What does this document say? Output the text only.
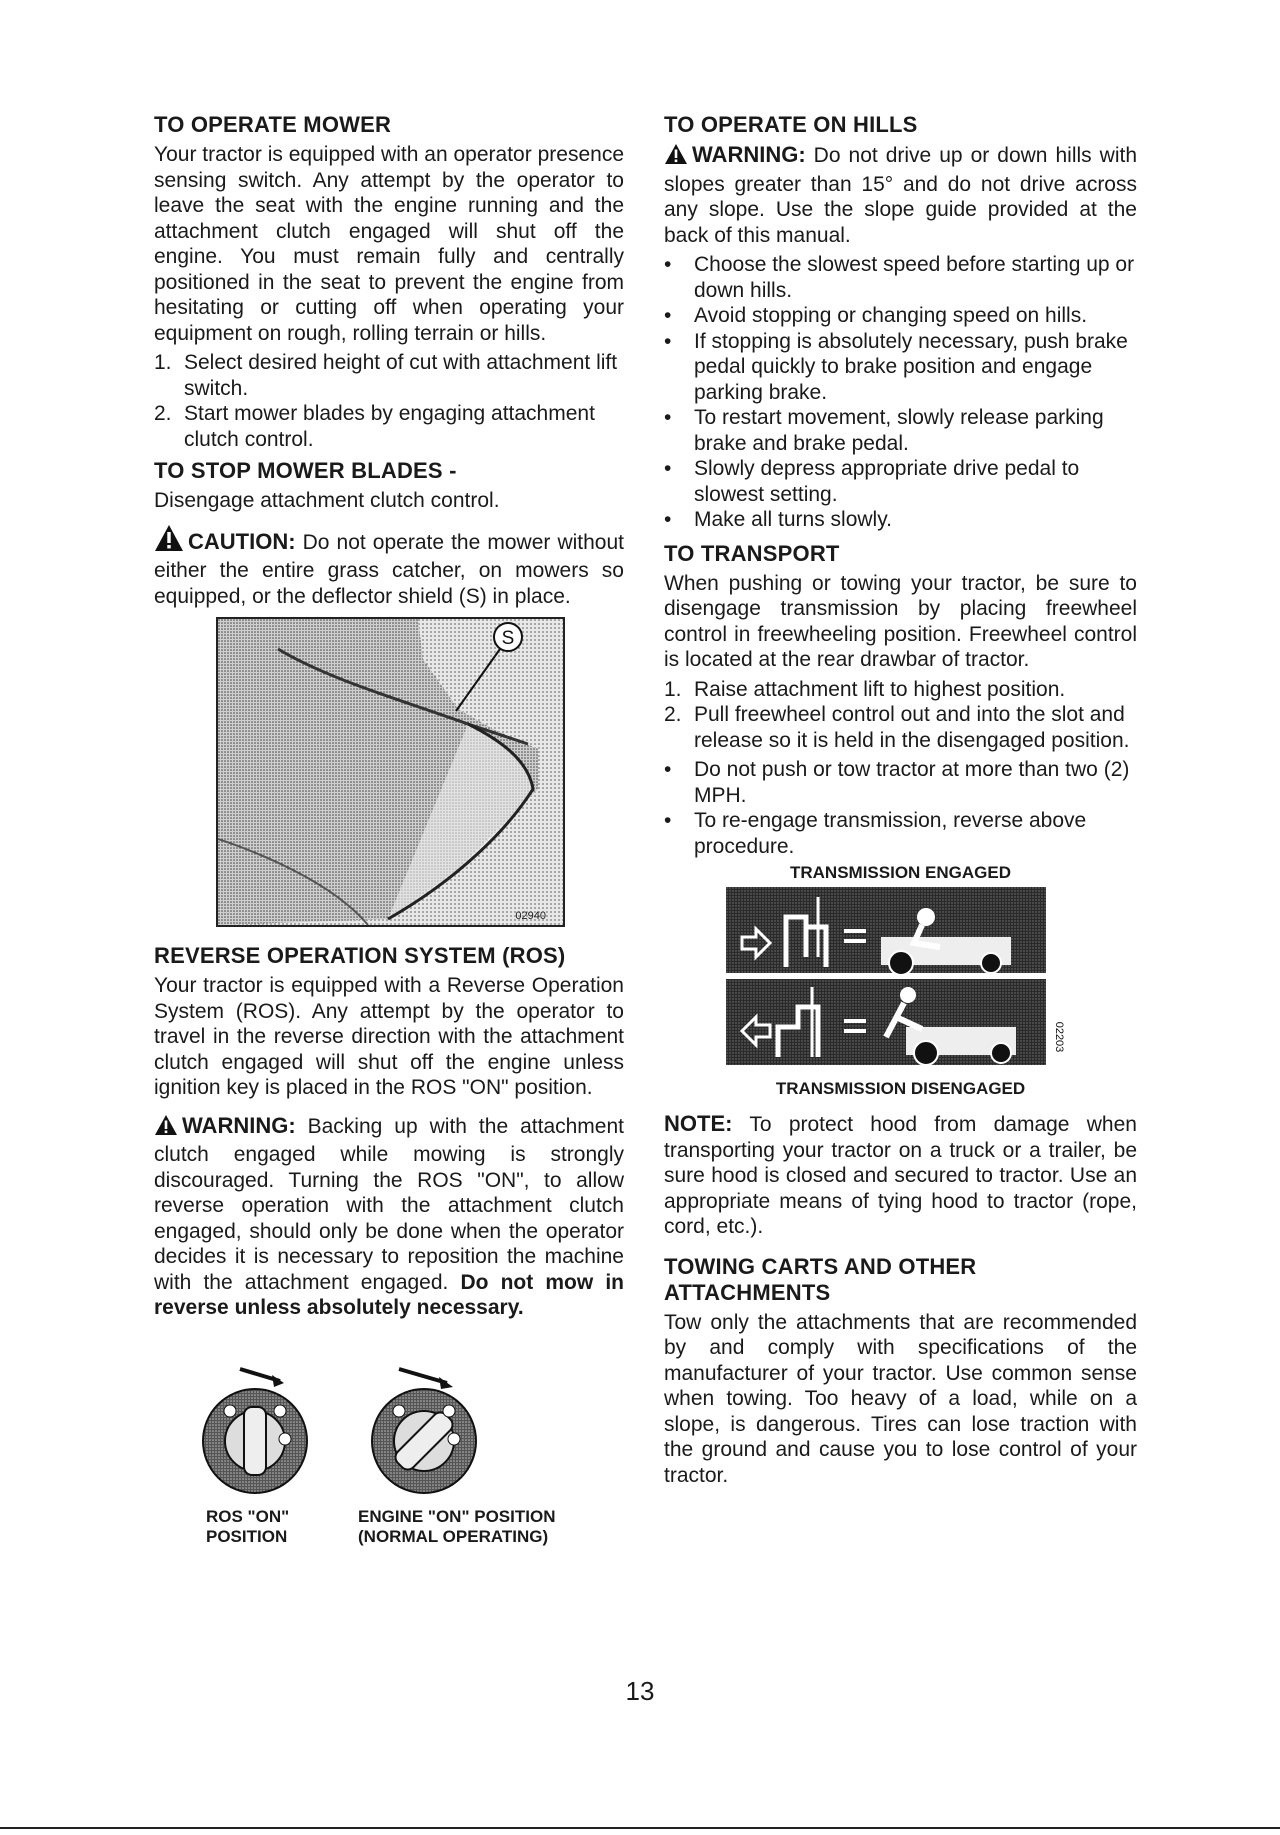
TO OPERATE MOWER

Your tractor is equipped with an operator presence sensing switch. Any attempt by the operator to leave the seat with the engine running and the attachment clutch engaged will shut off the engine. You must remain fully and centrally positioned in the seat to prevent the engine from hesitating or cutting off when operating your equipment on rough, rolling terrain or hills.

1. Select desired height of cut with attachment lift switch.
2. Start mower blades by engaging attachment clutch control.
TO STOP MOWER BLADES -

Disengage attachment clutch control.

CAUTION: Do not operate the mower without either the entire grass catcher, on mowers so equipped, or the deflector shield (S) in place.

S
02940
REVERSE OPERATION SYSTEM (ROS)

Your tractor is equipped with a Reverse Operation System (ROS). Any attempt by the operator to travel in the reverse direction with the attachment clutch engaged will shut off the engine unless ignition key is placed in the ROS "ON" position.

WARNING: Backing up with the attachment clutch engaged while mowing is strongly discouraged. Turning the ROS "ON", to allow reverse operation with the attachment clutch engaged, should only be done when the operator decides it is necessary to reposition the machine with the attachment engaged. Do not mow in reverse unless absolutely necessary.

ROS "ON"
POSITION
ENGINE "ON" POSITION
(NORMAL OPERATING)
TO OPERATE ON HILLS

WARNING: Do not drive up or down hills with slopes greater than 15° and do not drive across any slope. Use the slope guide provided at the back of this manual.

• Choose the slowest speed before starting up or down hills.
• Avoid stopping or changing speed on hills.
• If stopping is absolutely necessary, push brake pedal quickly to brake position and engage parking brake.
• To restart movement, slowly release parking brake and brake pedal.
• Slowly depress appropriate drive pedal to slowest setting.
• Make all turns slowly.
TO TRANSPORT

When pushing or towing your tractor, be sure to disengage transmission by placing freewheel control in freewheeling position. Freewheel control is located at the rear drawbar of tractor.

1. Raise attachment lift to highest position.
2. Pull freewheel control out and into the slot and release so it is held in the disengaged position.
• Do not push or tow tractor at more than two (2) MPH.
• To re-engage transmission, reverse above procedure.
TRANSMISSION ENGAGED
02203
TRANSMISSION DISENGAGED

NOTE: To protect hood from damage when transporting your tractor on a truck or a trailer, be sure hood is closed and secured to tractor. Use an appropriate means of tying hood to tractor (rope, cord, etc.).

TOWING CARTS AND OTHER ATTACHMENTS

Tow only the attachments that are recommended by and comply with specifications of the manufacturer of your tractor. Use common sense when towing. Too heavy of a load, while on a slope, is dangerous. Tires can lose traction with the ground and cause you to lose control of your tractor.

13
